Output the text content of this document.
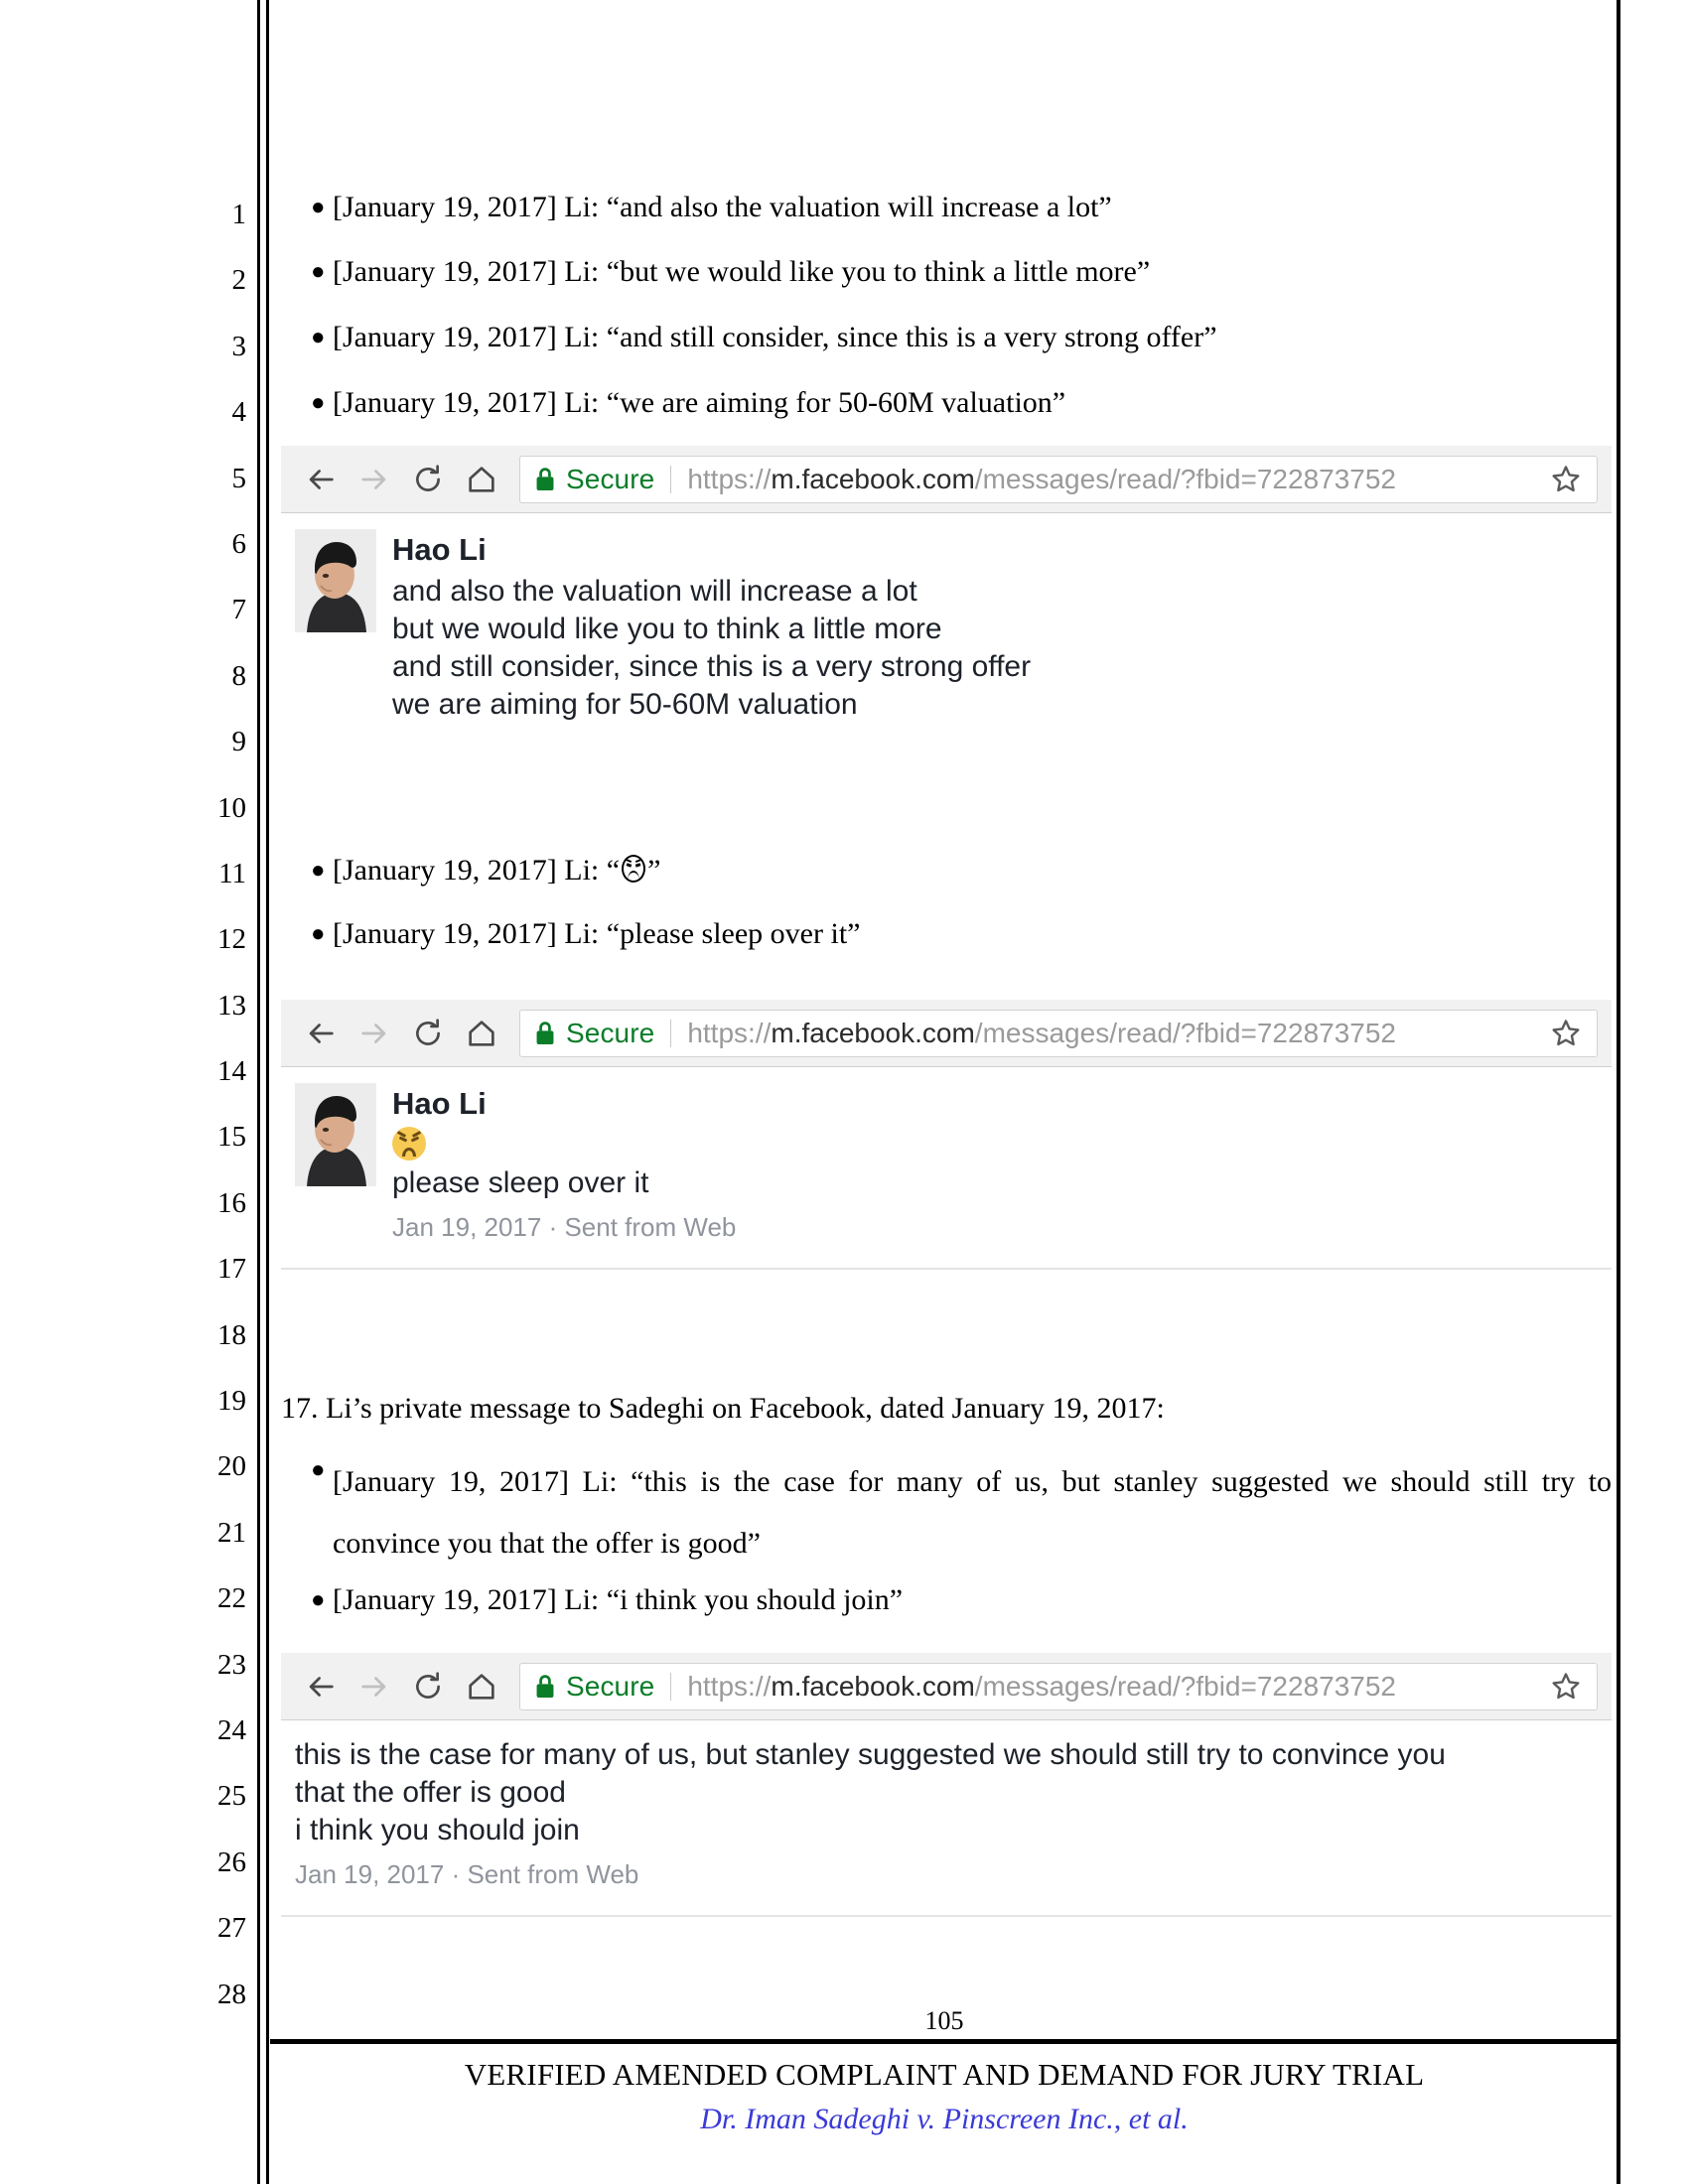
1
2
3
4
5
6
7
8
9
10
11
12
13
14
15
16
17
18
19
20
21
22
23
24
25
26
27
28
● [January 19, 2017] Li: “and also the valuation will increase a lot”
● [January 19, 2017] Li: “but we would like you to think a little more”
● [January 19, 2017] Li: “and still consider, since this is a very strong offer”
● [January 19, 2017] Li: “we are aiming for 50-60M valuation”
Secure https://m.facebook.com/messages/read/?fbid=722873752
Hao Li
and also the valuation will increase a lot
but we would like you to think a little more
and still consider, since this is a very strong offer
we are aiming for 50-60M valuation
● [January 19, 2017] Li: “ ”
● [January 19, 2017] Li: “please sleep over it”
Secure https://m.facebook.com/messages/read/?fbid=722873752
Hao Li
please sleep over it
Jan 19, 2017 · Sent from Web
17. Li’s private message to Sadeghi on Facebook, dated January 19, 2017:
● [January 19, 2017] Li: “this is the case for many of us, but stanley suggested we should still try to convince you that the offer is good”
● [January 19, 2017] Li: “i think you should join”
Secure https://m.facebook.com/messages/read/?fbid=722873752
this is the case for many of us, but stanley suggested we should still try to convince you
that the offer is good
i think you should join
Jan 19, 2017 · Sent from Web
105
VERIFIED AMENDED COMPLAINT AND DEMAND FOR JURY TRIAL
Dr. Iman Sadeghi v. Pinscreen Inc., et al.
